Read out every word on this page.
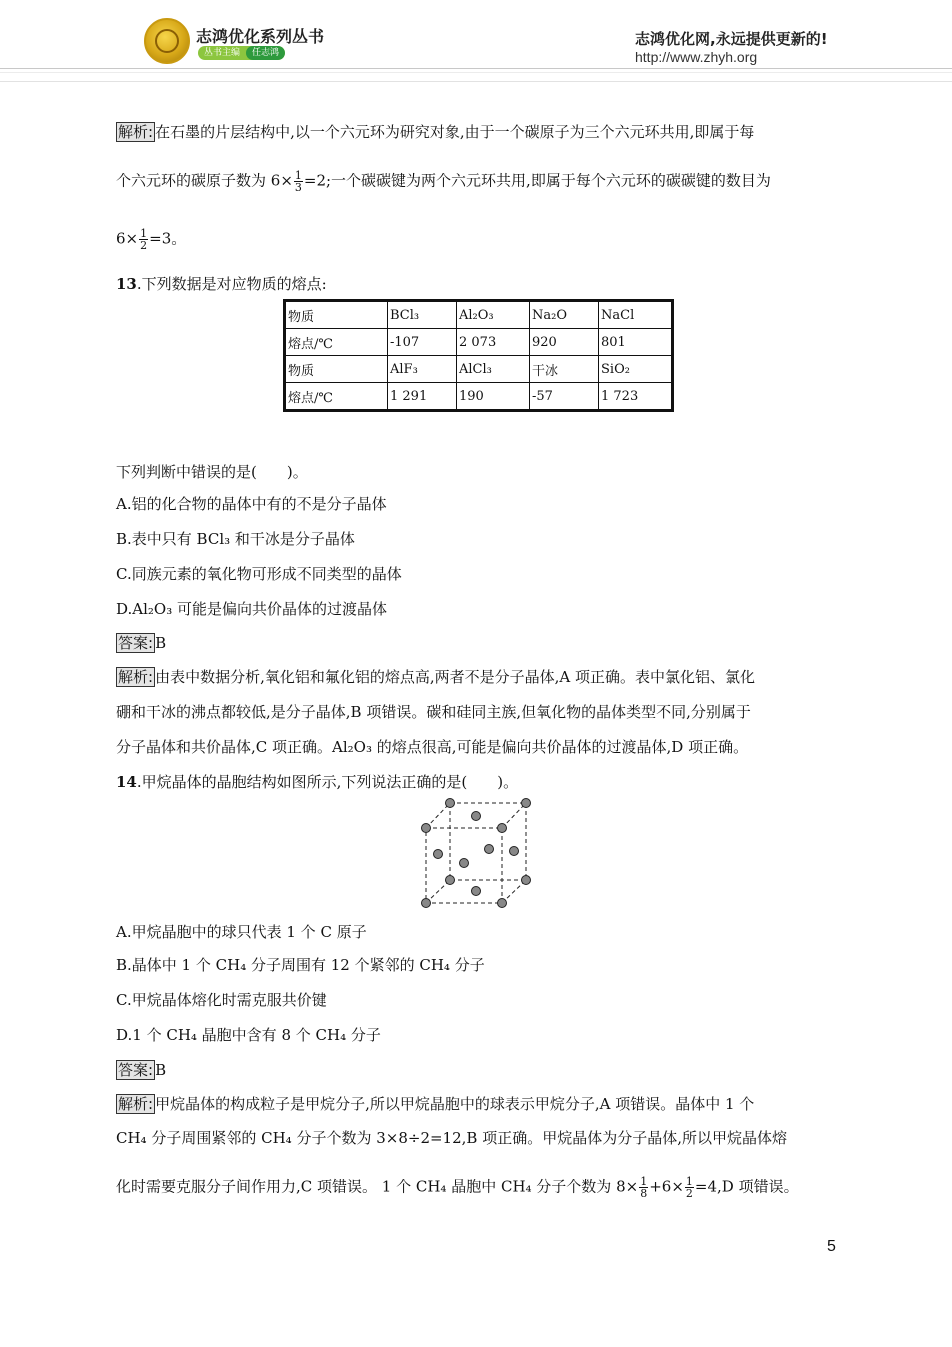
志鸿优化系列丛书
丛书主编	任志鸿
志鸿优化网,永远提供更新的!
http://www.zhyh.org
解析: 在石墨的片层结构中,以一个六元环为研究对象,由于一个碳原子为三个六元环共用,即属于每
个六元环的碳原子数为 $6\times \frac{1}{3} =2$;一个碳碳键为两个六元环共用,即属于每个六元环的碳碳键的数目为
$6\times \frac{1}{2} =3$。
13.下列数据是对应物质的熔点:
物质	BCl₃	Al₂O₃	Na₂O	NaCl
熔点/℃	-107	2 073	920	801
物质	AlF₃	AlCl₃	干冰	SiO₂
熔点/℃	1 291	190	-57	1 723
下列判断中错误的是(　　)。
A.铝的化合物的晶体中有的不是分子晶体
B.表中只有 BCl₃ 和干冰是分子晶体
C.同族元素的氧化物可形成不同类型的晶体
D.Al₂O₃ 可能是偏向共价晶体的过渡晶体
答案: B
解析: 由表中数据分析,氧化铝和氟化铝的熔点高,两者不是分子晶体,A 项正确。表中氯化铝、氯化
硼和干冰的沸点都较低,是分子晶体,B 项错误。碳和硅同主族,但氧化物的晶体类型不同,分别属于
分子晶体和共价晶体,C 项正确。Al₂O₃ 的熔点很高,可能是偏向共价晶体的过渡晶体,D 项正确。
14.甲烷晶体的晶胞结构如图所示,下列说法正确的是(　　)。
A.甲烷晶胞中的球只代表 1 个 C 原子
B.晶体中 1 个 CH₄ 分子周围有 12 个紧邻的 CH₄ 分子
C.甲烷晶体熔化时需克服共价键
D.1 个 CH₄ 晶胞中含有 8 个 CH₄ 分子
答案: B
解析: 甲烷晶体的构成粒子是甲烷分子,所以甲烷晶胞中的球表示甲烷分子,A 项错误。晶体中 1 个
CH₄ 分子周围紧邻的 CH₄ 分子个数为 3×8÷2=12,B 项正确。甲烷晶体为分子晶体,所以甲烷晶体熔
化时需要克服分子间作用力,C 项错误。 1 个 CH₄ 晶胞中 CH₄ 分子个数为 $8\times \frac{1}{8} +6\times \frac{1}{2} =4,D$ 项错误。
5
